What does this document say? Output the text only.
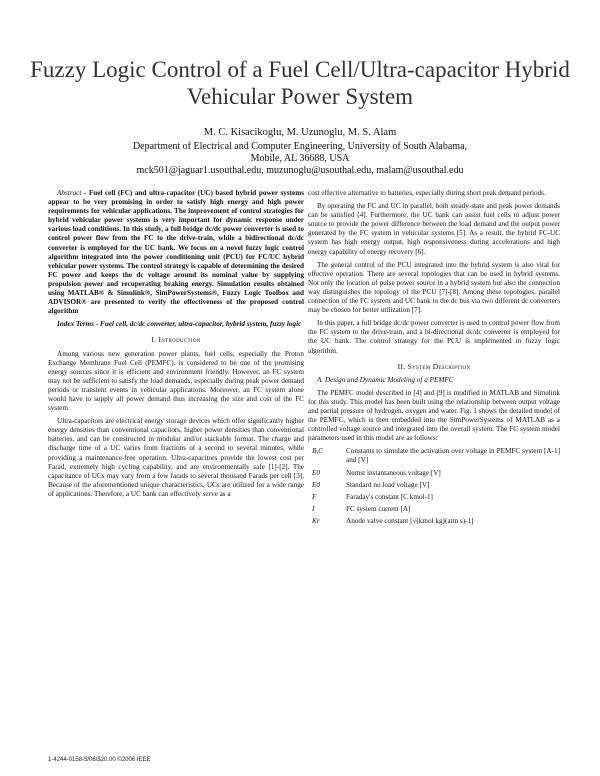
Fuzzy Logic Control of a Fuel Cell/Ultra-capacitor Hybrid
Vehicular Power System
M. C. Kisacikoglu, M. Uzunoglu, M. S. Alam
Department of Electrical and Computer Engineering, University of South Alabama,
Mobile, AL 36688, USA
mck501@jaguar1.usouthal.edu, muzunoglu@usouthal.edu, malam@usouthal.edu

Abstract - Fuel cell (FC) and ultra-capacitor (UC) based hybrid power systems appear to be very promising in order to satisfy high energy and high power requirements for vehicular applications. The improvement of control strategies for hybrid vehicular power systems is very important for dynamic response under various load conditions. In this study, a full bridge dc/dc power converter is used to control power flow from the FC to the drive-train, while a bidirectional dc/dc converter is employed for the UC bank. We focus on a novel fuzzy logic control algorithm integrated into the power conditioning unit (PCU) for FC/UC hybrid vehicular power systems. The control strategy is capable of determining the desired FC power and keeps the dc voltage around its nominal value by supplying propulsion power and recuperating braking energy. Simulation results obtained using MATLAB® & Simulink®, SimPowerSystems®, Fuzzy Logic Toolbox and ADVISOR® are presented to verify the effectiveness of the proposed control algorithm

Index Terms - Fuel cell, dc/dc converter, ultra-capacitor, hybrid system, fuzzy logic

I. Introduction

Among various new generation power plants, fuel cells, especially the Proton Exchange Membrane Fuel Cell (PEMFC), is considered to be one of the promising energy sources since it is efficient and environment friendly. However, an FC system may not be sufficient to satisfy the load demands, especially during peak power demand periods or transient events in vehicular applications. Moreover, an FC system alone would have to supply all power demand thus increasing the size and cost of the FC system.

Ultra-capacitors are electrical energy storage devices which offer significantly higher energy densities than conventional capacitors, higher power densities than conventional batteries, and can be constructed in modular and/or stackable format. The charge and discharge time of a UC varies from fractions of a second to several minutes, while providing a maintenance-free operation. Ultra-capacitors provide the lowest cost per Farad, extremely high cycling capability, and are environmentally safe [1]-[2]. The capacitance of UCs may vary from a few farads to several thousand Farads per cell [3]. Because of the aforementioned unique characteristics, UCs are utilized for a wide range of applications. Therefore, a UC bank can effectively serve as a

cost effective alternative to batteries, especially during short peak demand periods.

By operating the FC and UC in parallel, both steady-state and peak power demands can be satisfied [4]. Furthermore, the UC bank can assist fuel cells to adjust power source to provide the power difference between the load demand and the output power generated by the FC system in vehicular systems [5]. As a result, the hybrid FC-UC system has high energy output, high responsiveness during accelerations and high energy capability of energy recovery [6].

The general control of the PCU integrated into the hybrid system is also vital for effective operation. There are several topologies that can be used in hybrid systems. Not only the location of pulse power source in a hybrid system but also the connection way distinguishes the topology of the PCU [7]-[8]. Among these topologies, parallel connection of the FC system and UC bank to the dc bus via two different dc converters may be chosen for better utilization [7].

In this paper, a full bridge dc/dc power converter is used to control power flow from the FC system to the drive-train, and a bi-directional dc/dc converter is employed for the UC bank. The control strategy for the PCU is implemented in fuzzy logic algorithm.

II. System Description

A. Design and Dynamic Modeling of a PEMFC

The PEMFC model described in [4] and [9] is modified in MATLAB and Simulink for this study. This model has been built using the relationship between output voltage and partial pressure of hydrogen, oxygen and water. Fig. 1 shows the detailed model of the PEMFC, which is then embedded into the SimPowerSystems of MATLAB as a controlled voltage source and integrated into the overall system. The FC system model parameters used in this model are as follows:

B,C	Constants to simulate the activation over voltage in PEMFC system [A-1] and [V]
E0	Nernst instantaneous voltage [V]
E0	Standard no load voltage [V]
F	Faraday's constant [C kmol-1]
I	FC system current [A]
Kr	Anode valve constant [√(kmol kg)(atm s)-1]
1-4244-0158-5/06/$20.00 ©2006 IEEE
